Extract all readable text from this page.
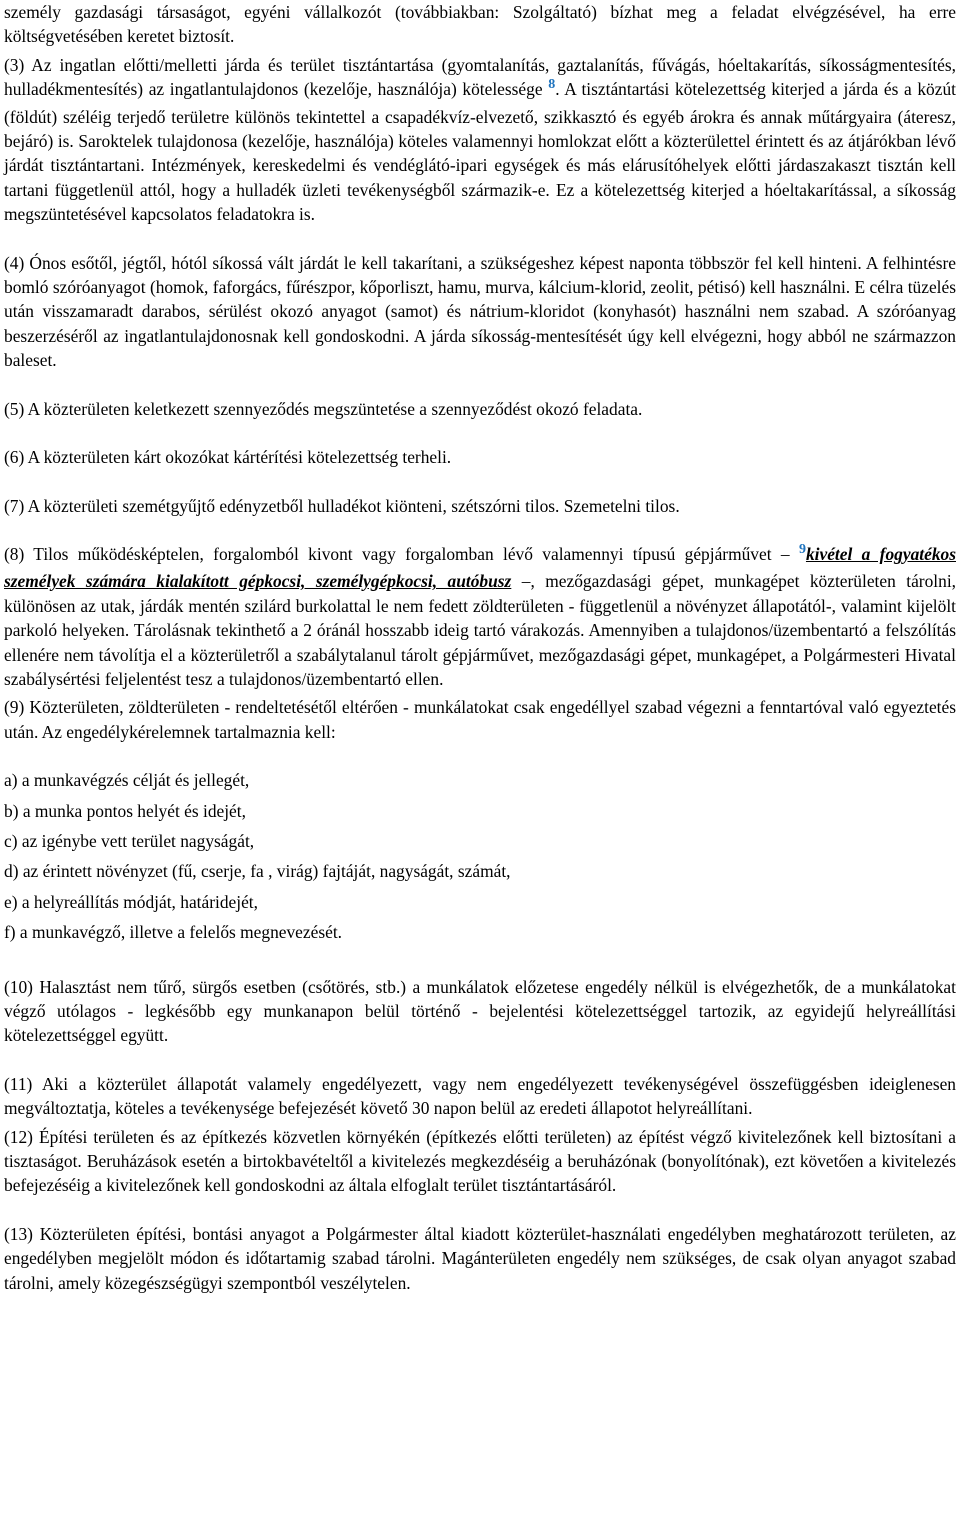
személy gazdasági társaságot, egyéni vállalkozót (továbbiakban: Szolgáltató) bízhat meg a feladat elvégzésével, ha erre költségvetésében keretet biztosít.

(3) Az ingatlan előtti/melletti járda és terület tisztántartása (gyomtalanítás, gaztalanítás, fűvágás, hóeltakarítás, síkosságmentesítés, hulladékmentesítés) az ingatlantulajdonos (kezelője, használója) kötelessége $^8$. A tisztántartási kötelezettség kiterjed a járda és a közút (földút) széléig terjedő területre különös tekintettel a csapadékvíz-elvezető, szikkasztó és egyéb árokra és annak műtárgyaira (áteresz, bejáró) is. Saroktelek tulajdonosa (kezelője, használója) köteles valamennyi homlokzat előtt a közterülettel érintett és az átjárókban lévő járdát tisztántartani. Intézmények, kereskedelmi és vendéglátó-ipari egységek és más elárusítóhelyek előtti járdaszakaszt tisztán kell tartani függetlenül attól, hogy a hulladék üzleti tevékenységből származik-e. Ez a kötelezettség kiterjed a hóeltakarítással, a síkosság megszüntetésével kapcsolatos feladatokra is.

(4) Ónos esőtől, jégtől, hótól síkossá vált járdát le kell takarítani, a szükségeshez képest naponta többször fel kell hinteni. A felhintésre bomló szóróanyagot (homok, faforgács, fűrészpor, kőporliszt, hamu, murva, kálcium-klorid, zeolit, pétisó) kell használni. E célra tüzelés után visszamaradt darabos, sérülést okozó anyagot (samot) és nátrium-kloridot (konyhasót) használni nem szabad. A szóróanyag beszerzéséről az ingatlantulajdonosnak kell gondoskodni. A járda síkosság-mentesítését úgy kell elvégezni, hogy abból ne származzon baleset.

(5) A közterületen keletkezett szennyeződés megszüntetése a szennyeződést okozó feladata.

(6) A közterületen kárt okozókat kártérítési kötelezettség terheli.

(7) A közterületi szemétgyűjtő edényzetből hulladékot kiönteni, szétszórni tilos. Szemetelni tilos.

(8) Tilos működésképtelen, forgalomból kivont vagy forgalomban lévő valamennyi típusú gépjárművet – $^9$kivétel a fogyatékos személyek számára kialakított gépkocsi, személygépkocsi, autóbusz –, mezőgazdasági gépet, munkagépet közterületen tárolni, különösen az utak, járdák mentén szilárd burkolattal le nem fedett zöldterületen - függetlenül a növényzet állapotától-, valamint kijelölt parkoló helyeken. Tárolásnak tekinthető a 2 óránál hosszabb ideig tartó várakozás. Amennyiben a tulajdonos/üzembentartó a felszólítás ellenére nem távolítja el a közterületről a szabálytalanul tárolt gépjárművet, mezőgazdasági gépet, munkagépet, a Polgármesteri Hivatal szabálysértési feljelentést tesz a tulajdonos/üzembentartó ellen.

(9) Közterületen, zöldterületen - rendeltetésétől eltérően - munkálatokat csak engedéllyel szabad végezni a fenntartóval való egyeztetés után. Az engedélykérelemnek tartalmaznia kell:

a) a munkavégzés célját és jellegét,

b) a munka pontos helyét és idejét,

c) az igénybe vett terület nagyságát,

d) az érintett növényzet (fű, cserje, fa , virág) fajtáját, nagyságát, számát,

e) a helyreállítás módját, határidejét,

f) a munkavégző, illetve a felelős megnevezését.

(10) Halasztást nem tűrő, sürgős esetben (csőtörés, stb.) a munkálatok előzetese engedély nélkül is elvégezhetők, de a munkálatokat végző utólagos - legkésőbb egy munkanapon belül történő - bejelentési kötelezettséggel tartozik, az egyidejű helyreállítási kötelezettséggel együtt.

(11) Aki a közterület állapotát valamely engedélyezett, vagy nem engedélyezett tevékenységével összefüggésben ideiglenesen megváltoztatja, köteles a tevékenysége befejezését követő 30 napon belül az eredeti állapotot helyreállítani.

(12) Építési területen és az építkezés közvetlen környékén (építkezés előtti területen) az építést végző kivitelezőnek kell biztosítani a tisztaságot. Beruházások esetén a birtokbavételtől a kivitelezés megkezdéséig a beruházónak (bonyolítónak), ezt követően a kivitelezés befejezéséig a kivitelezőnek kell gondoskodni az általa elfoglalt terület tisztántartásáról.

(13) Közterületen építési, bontási anyagot a Polgármester által kiadott közterület-használati engedélyben meghatározott területen, az engedélyben megjelölt módon és időtartamig szabad tárolni. Magánterületen engedély nem szükséges, de csak olyan anyagot szabad tárolni, amely közegészségügyi szempontból veszélytelen.
